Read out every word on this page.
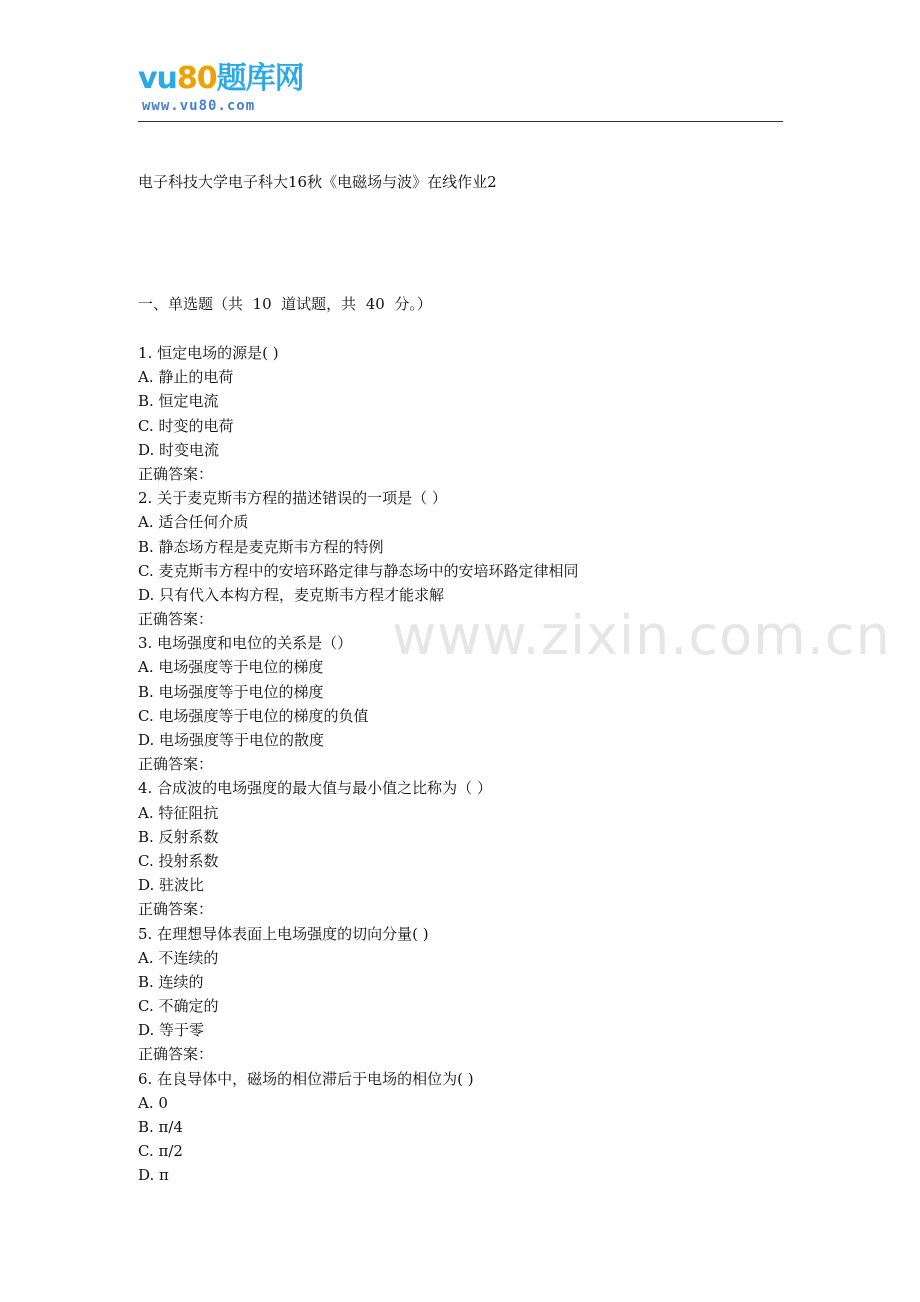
vu80题库网
www.vu80.com
www.zixin.com.cn
电子科技大学电子科大16秋《电磁场与波》在线作业2
一、单选题（共  10  道试题，共  40  分。）
1. 恒定电场的源是( )
A. 静止的电荷
B. 恒定电流
C. 时变的电荷
D. 时变电流
正确答案：
2. 关于麦克斯韦方程的描述错误的一项是（ ）
A. 适合任何介质
B. 静态场方程是麦克斯韦方程的特例
C. 麦克斯韦方程中的安培环路定律与静态场中的安培环路定律相同
D. 只有代入本构方程，麦克斯韦方程才能求解
正确答案：
3. 电场强度和电位的关系是（）
A. 电场强度等于电位的梯度
B. 电场强度等于电位的梯度
C. 电场强度等于电位的梯度的负值
D. 电场强度等于电位的散度
正确答案：
4. 合成波的电场强度的最大值与最小值之比称为（ ）
A. 特征阻抗
B. 反射系数
C. 投射系数
D. 驻波比
正确答案：
5. 在理想导体表面上电场强度的切向分量( )
A. 不连续的
B. 连续的
C. 不确定的
D. 等于零
正确答案：
6. 在良导体中，磁场的相位滞后于电场的相位为( )
A. 0
B. π/4
C. π/2
D. π
